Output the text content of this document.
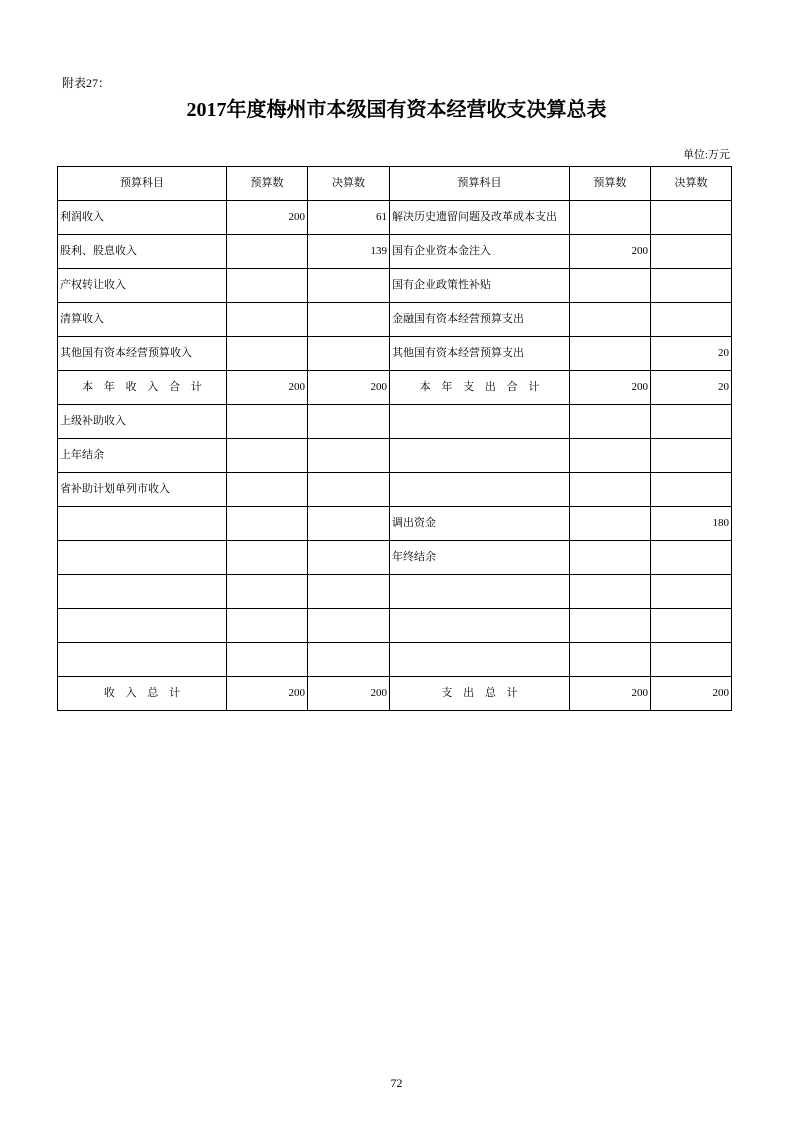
附表27：
2017年度梅州市本级国有资本经营收支决算总表
单位:万元
预算科目	预算数	决算数	预算科目	预算数	决算数
利润收入	200	61	解决历史遗留问题及改革成本支出		
股利、股息收入		139	国有企业资本金注入	200	
产权转让收入			国有企业政策性补贴		
清算收入			金融国有资本经营预算支出		
其他国有资本经营预算收入			其他国有资本经营预算支出		20
本 年 收 入 合 计	200	200	本 年 支 出 合 计	200	20
上级补助收入					
上年结余					
省补助计划单列市收入					
			调出资金		180
			年终结余		

收 入 总 计	200	200	支 出 总 计	200	200
72
